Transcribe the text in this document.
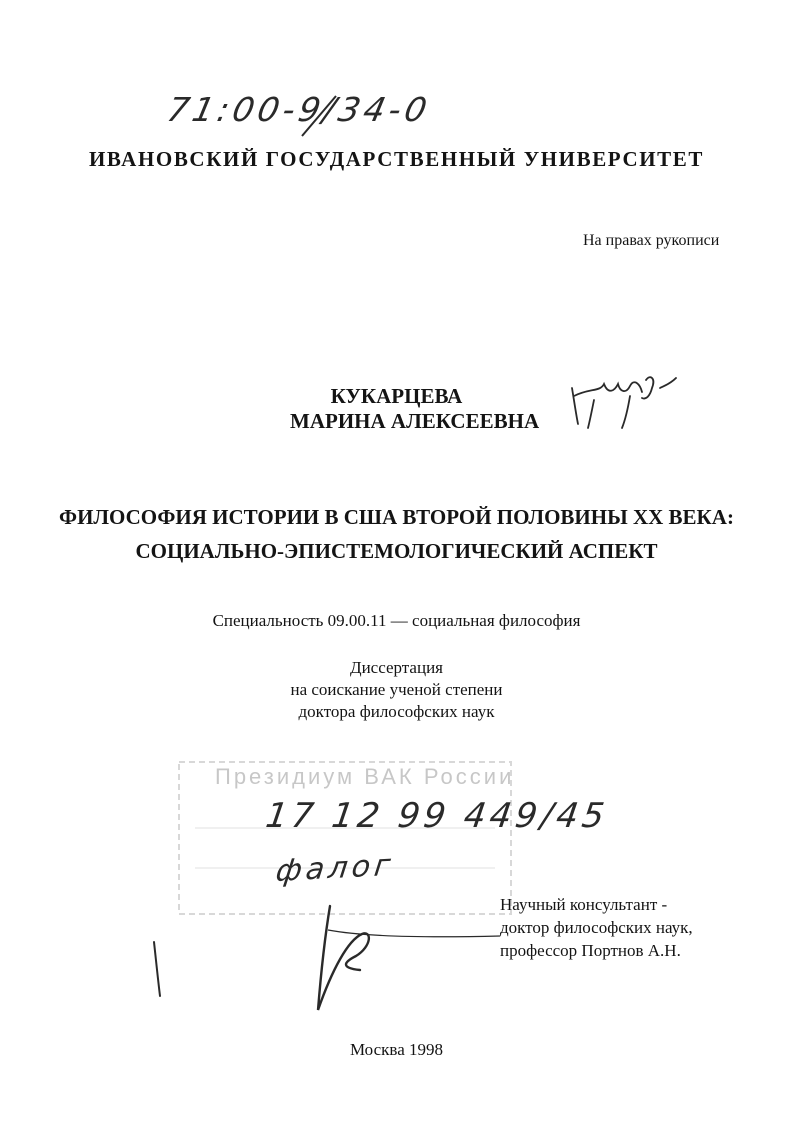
71:00-9/34-0
ИВАНОВСКИЙ ГОСУДАРСТВЕННЫЙ УНИВЕРСИТЕТ
На правах рукописи
КУКАРЦЕВА
МАРИНА АЛЕКСЕЕВНА
ФИЛОСОФИЯ ИСТОРИИ В США ВТОРОЙ ПОЛОВИНЫ XX ВЕКА:
СОЦИАЛЬНО-ЭПИСТЕМОЛОГИЧЕСКИЙ АСПЕКТ
Специальность 09.00.11 — социальная философия
Диссертация
на соискание ученой степени
доктора философских наук
Президиум ВАК России
17 12 99 449/45
фалог
Научный консультант -
доктор философских наук,
профессор Портнов А.Н.
Москва 1998
